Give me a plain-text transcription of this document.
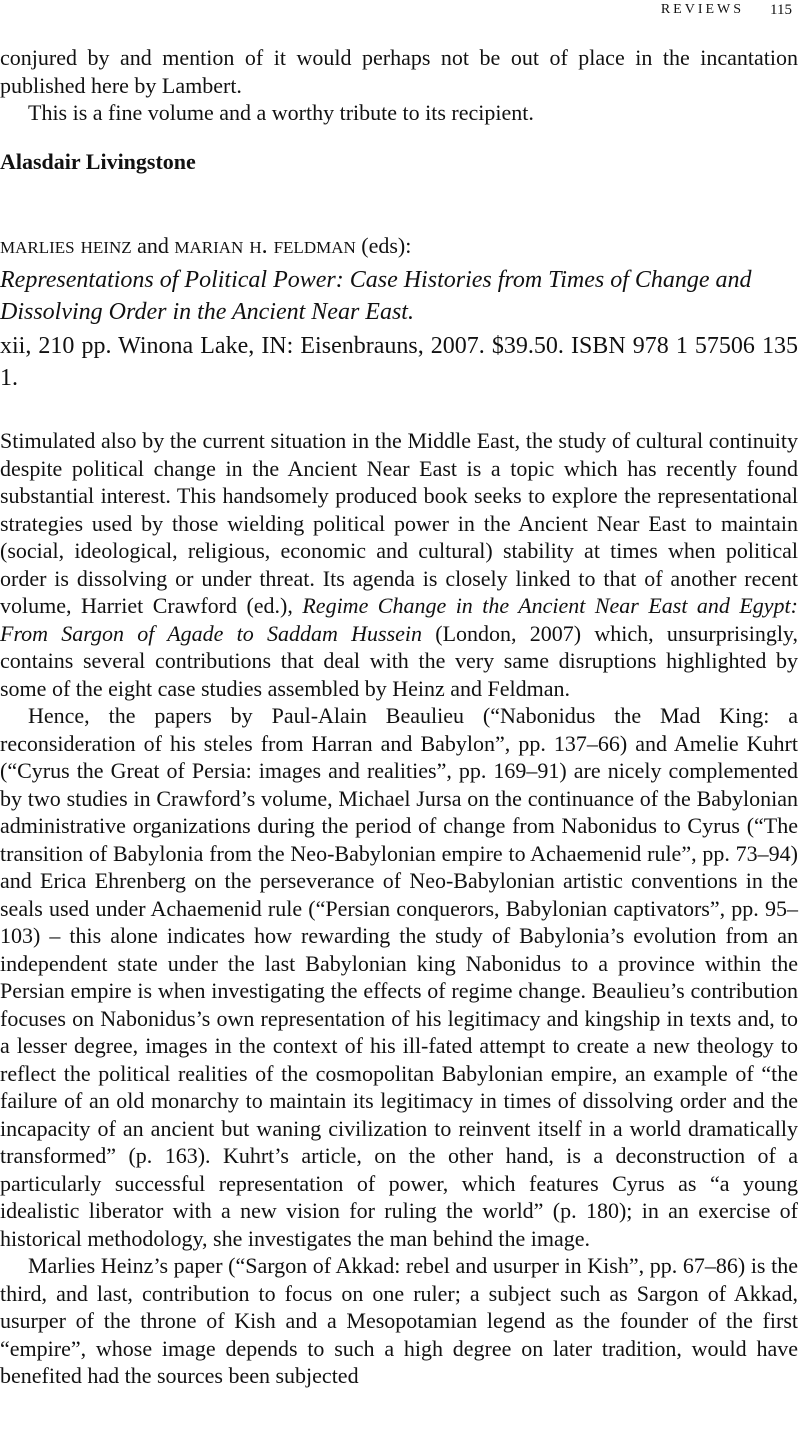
REVIEWS 115

conjured by and mention of it would perhaps not be out of place in the incantation published here by Lambert.

This is a fine volume and a worthy tribute to its recipient.

Alasdair Livingstone

marlies heinz and marian h. feldman (eds):

Representations of Political Power: Case Histories from Times of Change and Dissolving Order in the Ancient Near East.

xii, 210 pp. Winona Lake, IN: Eisenbrauns, 2007. $39.50. ISBN 978 1 57506 135 1.

Stimulated also by the current situation in the Middle East, the study of cultural continuity despite political change in the Ancient Near East is a topic which has recently found substantial interest. This handsomely produced book seeks to explore the representational strategies used by those wielding political power in the Ancient Near East to maintain (social, ideological, religious, economic and cultural) stability at times when political order is dissolving or under threat. Its agenda is closely linked to that of another recent volume, Harriet Crawford (ed.), Regime Change in the Ancient Near East and Egypt: From Sargon of Agade to Saddam Hussein (London, 2007) which, unsurprisingly, contains several contributions that deal with the very same disruptions highlighted by some of the eight case studies assembled by Heinz and Feldman.

Hence, the papers by Paul-Alain Beaulieu (“Nabonidus the Mad King: a reconsideration of his steles from Harran and Babylon”, pp. 137–66) and Amelie Kuhrt (“Cyrus the Great of Persia: images and realities”, pp. 169–91) are nicely complemented by two studies in Crawford’s volume, Michael Jursa on the continuance of the Babylonian administrative organizations during the period of change from Nabonidus to Cyrus (“The transition of Babylonia from the Neo-Babylonian empire to Achaemenid rule”, pp. 73–94) and Erica Ehrenberg on the perseverance of Neo-Babylonian artistic conventions in the seals used under Achaemenid rule (“Persian conquerors, Babylonian captivators”, pp. 95–103) – this alone indicates how rewarding the study of Babylonia’s evolution from an independent state under the last Babylonian king Nabonidus to a province within the Persian empire is when investigating the effects of regime change. Beaulieu’s contribution focuses on Nabonidus’s own representation of his legitimacy and kingship in texts and, to a lesser degree, images in the context of his ill-fated attempt to create a new theology to reflect the political realities of the cosmopolitan Babylonian empire, an example of “the failure of an old monarchy to maintain its legitimacy in times of dissolving order and the incapacity of an ancient but waning civilization to reinvent itself in a world dramatically transformed” (p. 163). Kuhrt’s article, on the other hand, is a deconstruction of a particularly successful representation of power, which features Cyrus as “a young idealistic liberator with a new vision for ruling the world” (p. 180); in an exercise of historical methodology, she investigates the man behind the image.

Marlies Heinz’s paper (“Sargon of Akkad: rebel and usurper in Kish”, pp. 67–86) is the third, and last, contribution to focus on one ruler; a subject such as Sargon of Akkad, usurper of the throne of Kish and a Mesopotamian legend as the founder of the first “empire”, whose image depends to such a high degree on later tradition, would have benefited had the sources been subjected
